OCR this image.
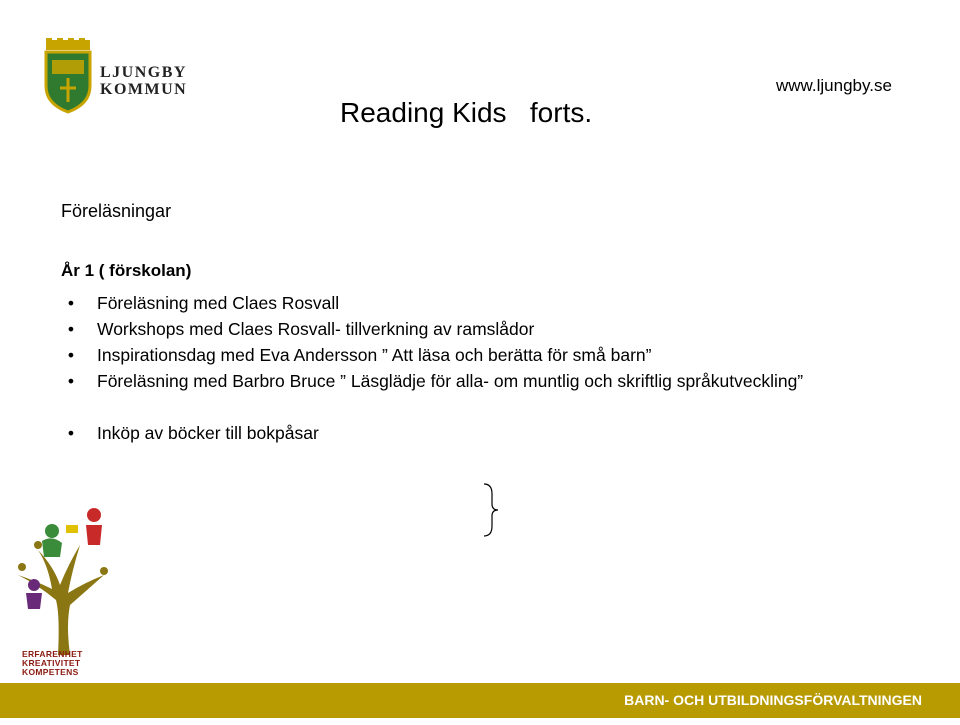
LJUNGBY
KOMMUN	www.ljungby.se
Reading Kids   forts.
Föreläsningar
År 1 ( förskolan)
•	Föreläsning med Claes Rosvall
•	Workshops med Claes Rosvall- tillverkning av ramslådor
•	Inspirationsdag med Eva Andersson ” Att läsa och berätta för små barn”
•	Föreläsning med Barbro Bruce ” Läsglädje för alla- om muntlig och skriftlig språkutveckling”
•	Inköp av böcker till bokpåsar
ERFARENHET
KREATIVITET
KOMPETENS
BARN- OCH UTBILDNINGSFÖRVALTNINGEN
